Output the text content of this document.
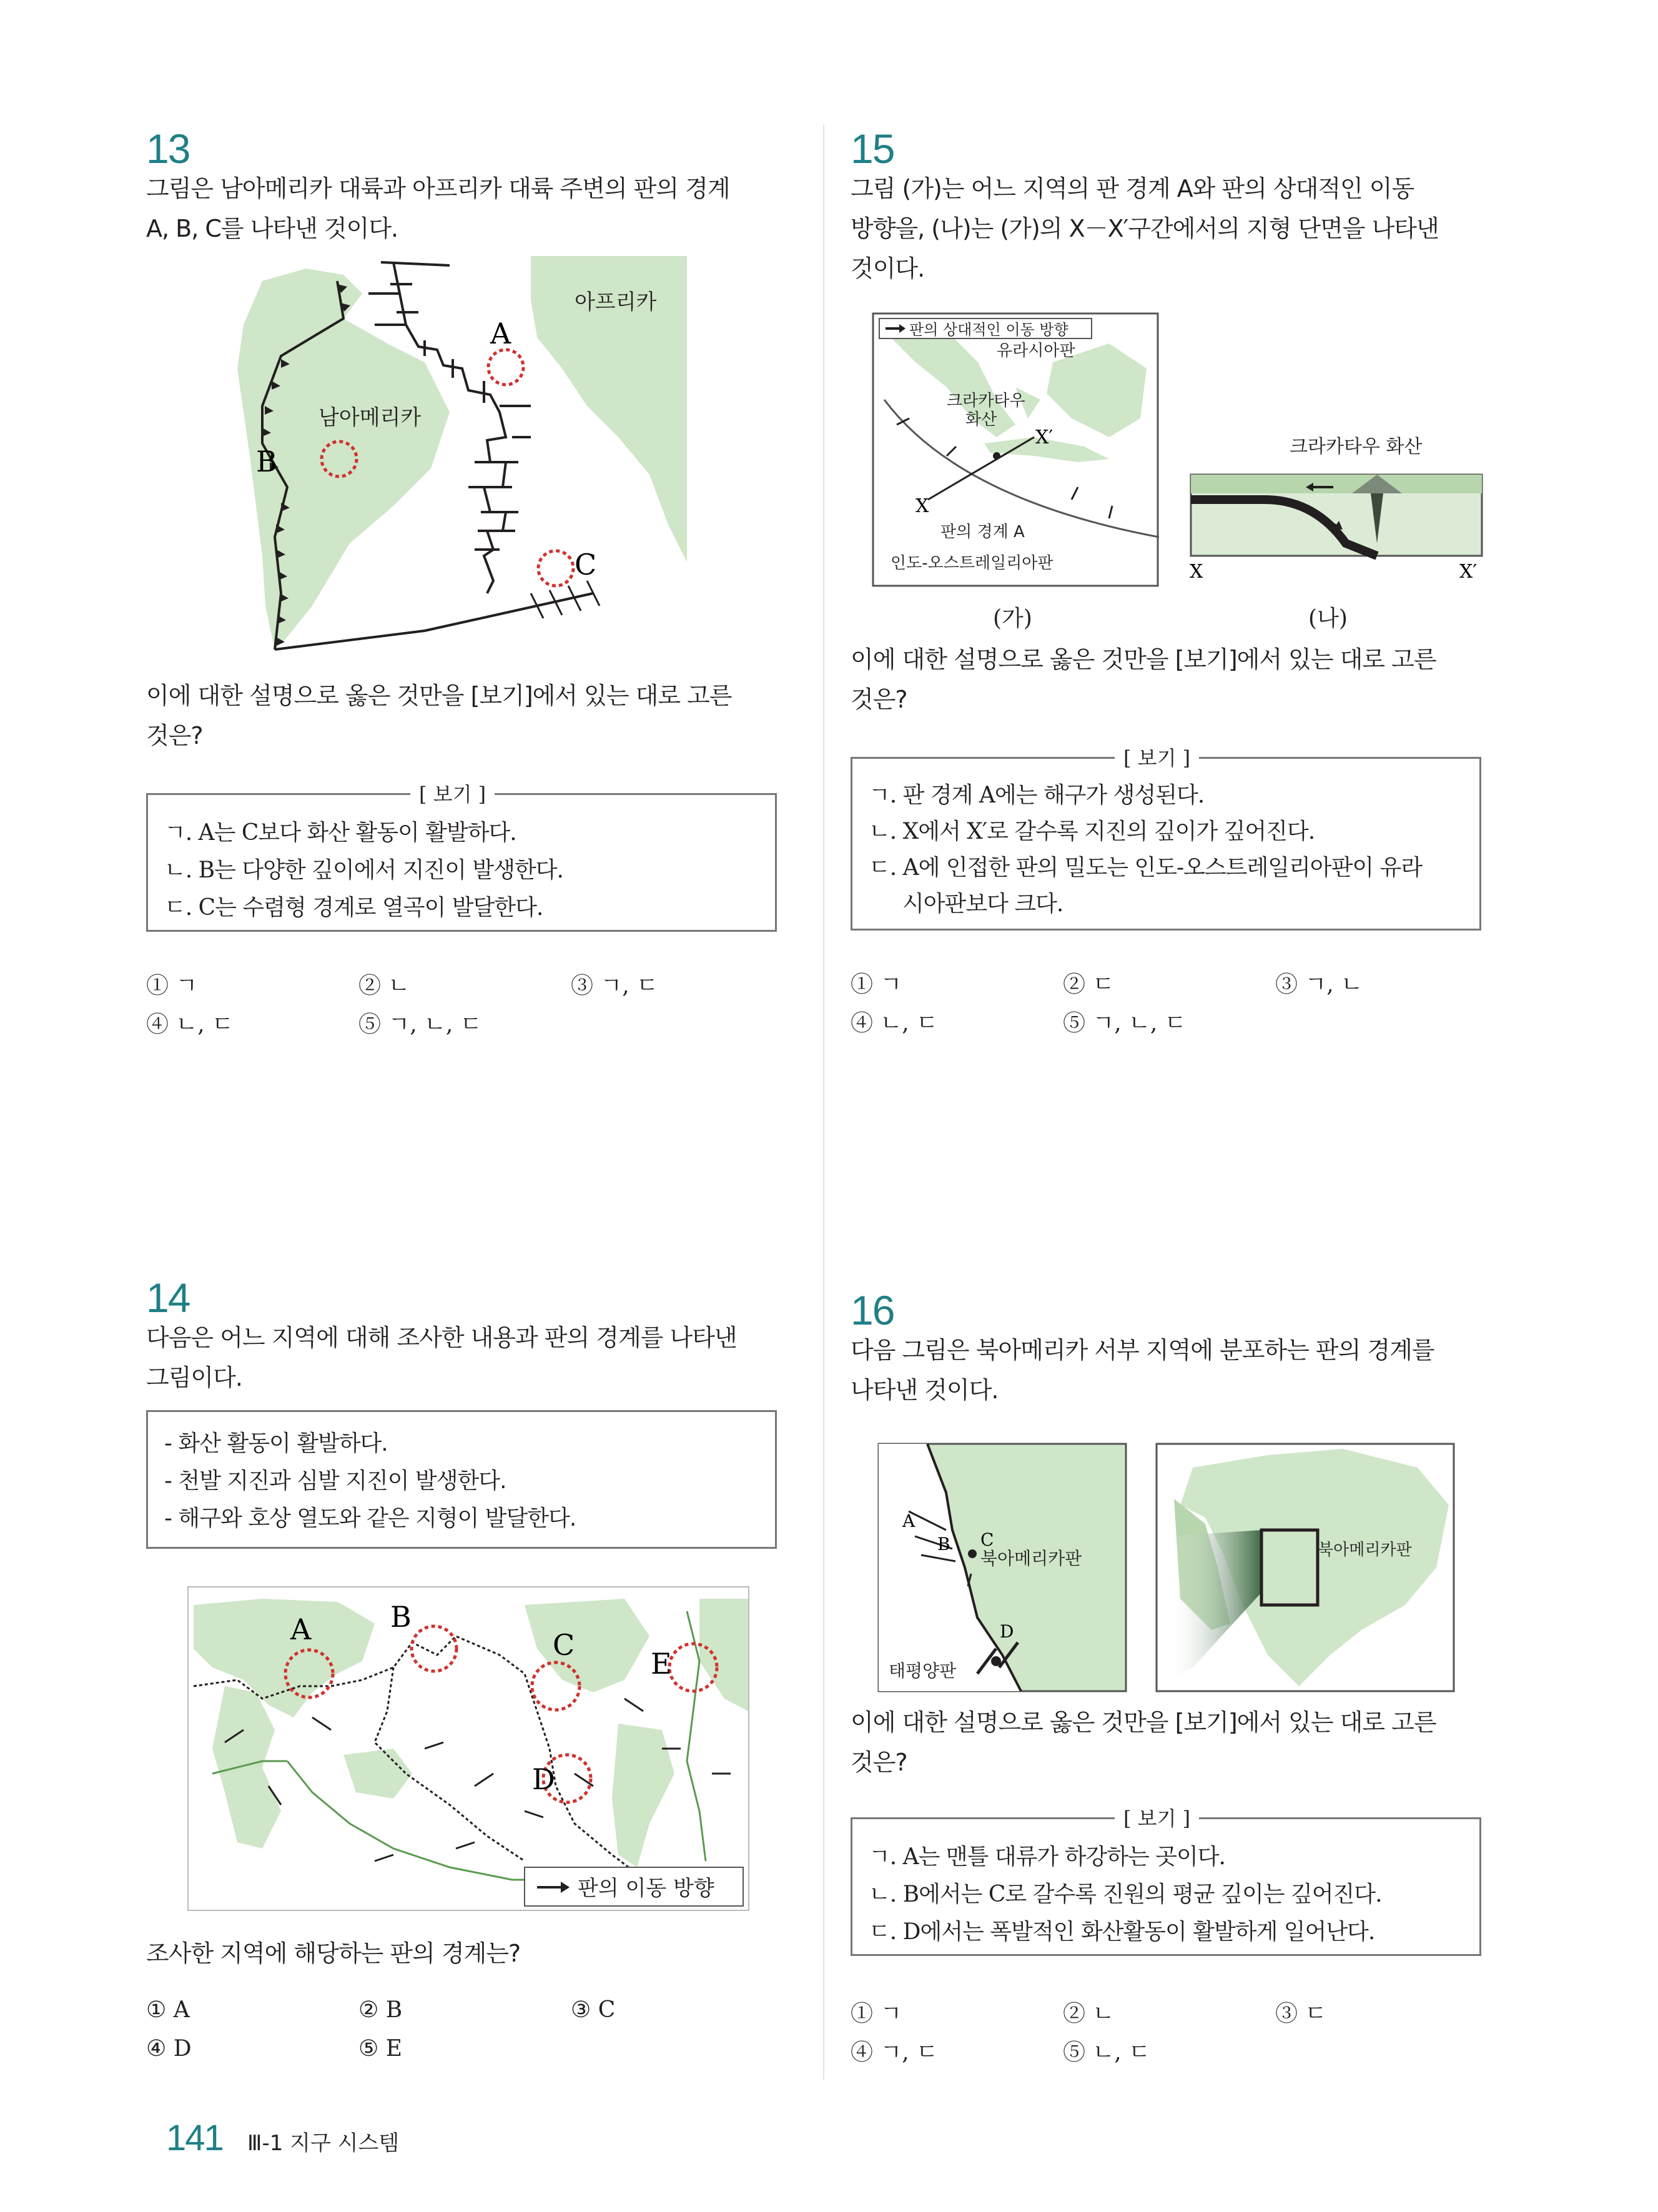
13
그림은 남아메리카 대륙과 아프리카 대륙 주변의 판의 경계
A, B, C를 나타낸 것이다.
아프리카
남아메리카
A
B
C
이에 대한 설명으로 옳은 것만을 [보기]에서 있는 대로 고른
것은?
[ 보기 ]
ㄱ. A는 C보다 화산 활동이 활발하다.
ㄴ. B는 다양한 깊이에서 지진이 발생한다.
ㄷ. C는 수렴형 경계로 열곡이 발달한다.
① ㄱ	② ㄴ	③ ㄱ, ㄷ
④ ㄴ, ㄷ	⑤ ㄱ, ㄴ, ㄷ
14
다음은 어느 지역에 대해 조사한 내용과 판의 경계를 나타낸
그림이다.
- 화산 활동이 활발하다.
- 천발 지진과 심발 지진이 발생한다.
- 해구와 호상 열도와 같은 지형이 발달한다.
A	B
C
E
D
판의 이동 방향
조사한 지역에 해당하는 판의 경계는?
① A	② B	③ C
④ D	⑤ E
15
그림 (가)는 어느 지역의 판 경계 A와 판의 상대적인 이동
방향을, (나)는 (가)의 X－X′구간에서의 지형 단면을 나타낸
것이다.
판의 상대적인 이동 방향
유라시아판
크라카타우
화산
X
X′
판의 경계 A
인도-오스트레일리아판
크라카타우 화산
X	X′
(가)	(나)
이에 대한 설명으로 옳은 것만을 [보기]에서 있는 대로 고른
것은?
[ 보기 ]
ㄱ. 판 경계 A에는 해구가 생성된다.
ㄴ. X에서 X′로 갈수록 지진의 깊이가 깊어진다.
ㄷ. A에 인접한 판의 밀도는 인도-오스트레일리아판이 유라
시아판보다 크다.
① ㄱ	② ㄷ	③ ㄱ, ㄴ
④ ㄴ, ㄷ	⑤ ㄱ, ㄴ, ㄷ
16
다음 그림은 북아메리카 서부 지역에 분포하는 판의 경계를
나타낸 것이다.
A
B C
D
북아메리카판
태평양판
북아메리카판
이에 대한 설명으로 옳은 것만을 [보기]에서 있는 대로 고른
것은?
[ 보기 ]
ㄱ. A는 맨틀 대류가 하강하는 곳이다.
ㄴ. B에서는 C로 갈수록 진원의 평균 깊이는 깊어진다.
ㄷ. D에서는 폭발적인 화산활동이 활발하게 일어난다.
① ㄱ	② ㄴ	③ ㄷ
④ ㄱ, ㄷ	⑤ ㄴ, ㄷ
141 Ⅲ-1 지구 시스템
